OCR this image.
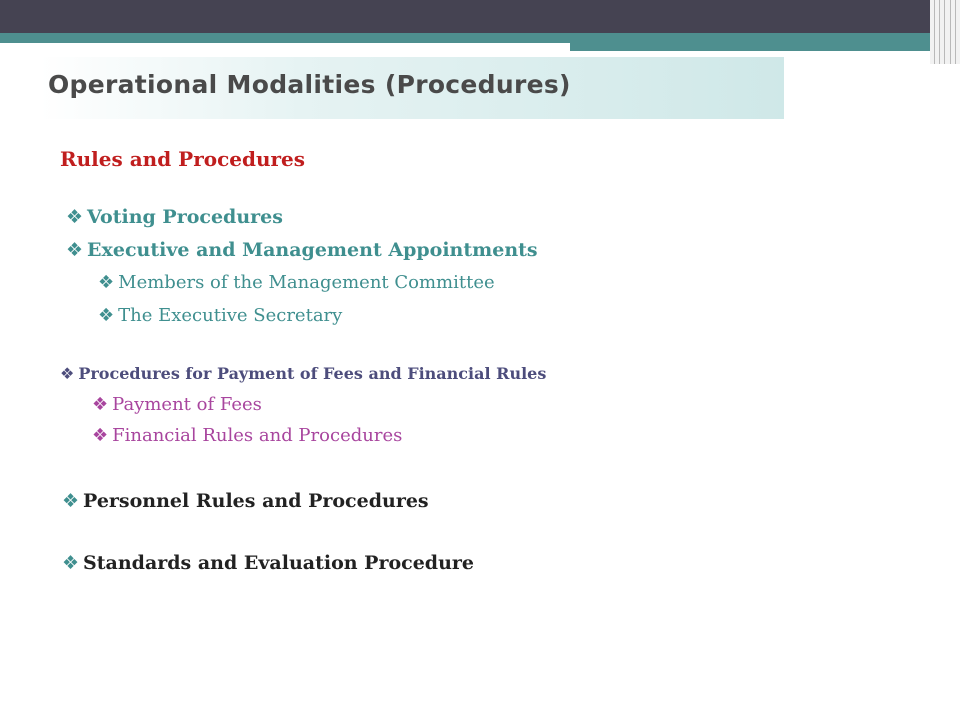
Operational Modalities (Procedures)
Rules and Procedures
❖ Voting Procedures
❖ Executive and Management Appointments
❖ Members of the Management Committee
❖ The Executive Secretary
❖ Procedures for Payment of Fees and Financial Rules
❖ Payment of Fees
❖ Financial Rules and Procedures
❖ Personnel Rules and Procedures
❖ Standards and Evaluation Procedure
